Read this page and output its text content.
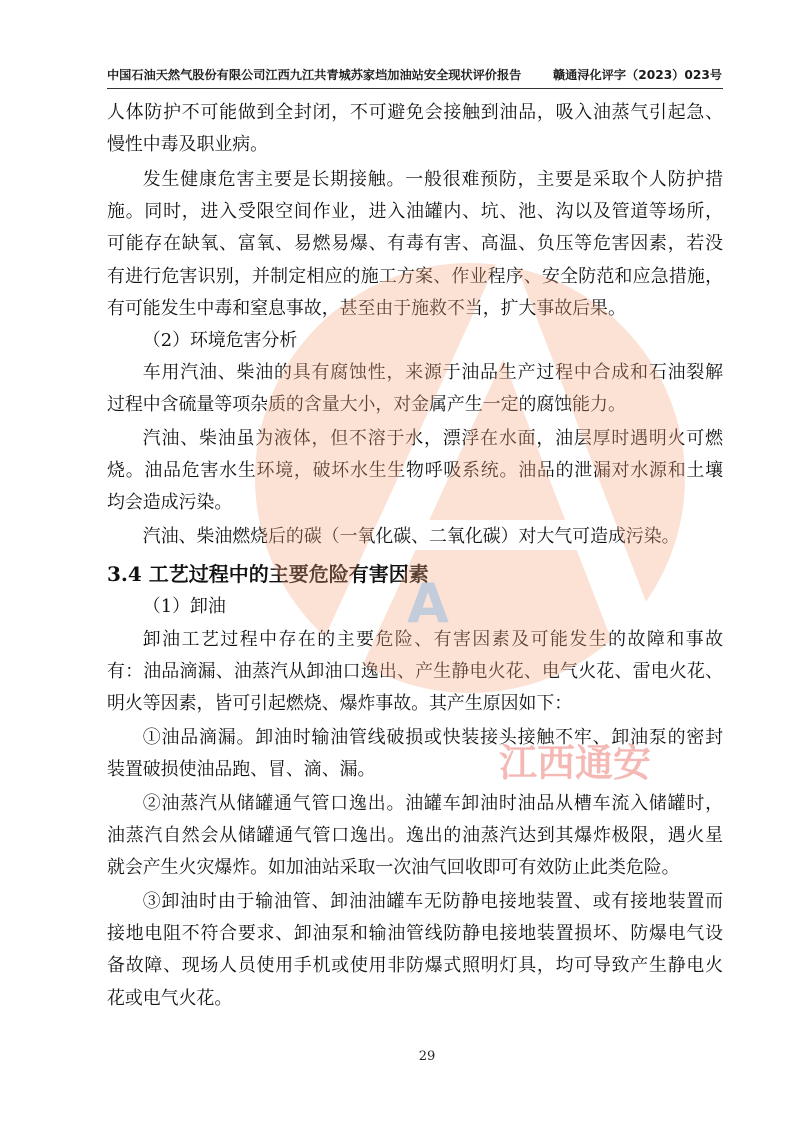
中国石油天然气股份有限公司江西九江共青城苏家垱加油站安全现状评价报告	赣通浔化评字（2023）023号
人体防护不可能做到全封闭，不可避免会接触到油品，吸入油蒸气引起急、
慢性中毒及职业病。
发生健康危害主要是长期接触。一般很难预防，主要是采取个人防护措
施。同时，进入受限空间作业，进入油罐内、坑、池、沟以及管道等场所，
可能存在缺氧、富氧、易燃易爆、有毒有害、高温、负压等危害因素，若没
有进行危害识别，并制定相应的施工方案、作业程序、安全防范和应急措施，
有可能发生中毒和窒息事故，甚至由于施救不当，扩大事故后果。
（2）环境危害分析
车用汽油、柴油的具有腐蚀性，来源于油品生产过程中合成和石油裂解
过程中含硫量等项杂质的含量大小，对金属产生一定的腐蚀能力。
汽油、柴油虽为液体，但不溶于水，漂浮在水面，油层厚时遇明火可燃
烧。油品危害水生环境，破坏水生生物呼吸系统。油品的泄漏对水源和土壤
均会造成污染。
汽油、柴油燃烧后的碳（一氧化碳、二氧化碳）对大气可造成污染。
3.4 工艺过程中的主要危险有害因素
（1）卸油
卸油工艺过程中存在的主要危险、有害因素及可能发生的故障和事故
有：油品滴漏、油蒸汽从卸油口逸出、产生静电火花、电气火花、雷电火花、
明火等因素，皆可引起燃烧、爆炸事故。其产生原因如下：
①油品滴漏。卸油时输油管线破损或快装接头接触不牢、卸油泵的密封
装置破损使油品跑、冒、滴、漏。
②油蒸汽从储罐通气管口逸出。油罐车卸油时油品从槽车流入储罐时，
油蒸汽自然会从储罐通气管口逸出。逸出的油蒸汽达到其爆炸极限，遇火星
就会产生火灾爆炸。如加油站采取一次油气回收即可有效防止此类危险。
③卸油时由于输油管、卸油油罐车无防静电接地装置、或有接地装置而
接地电阻不符合要求、卸油泵和输油管线防静电接地装置损坏、防爆电气设
备故障、现场人员使用手机或使用非防爆式照明灯具，均可导致产生静电火
花或电气火花。
29
A
江西通安
